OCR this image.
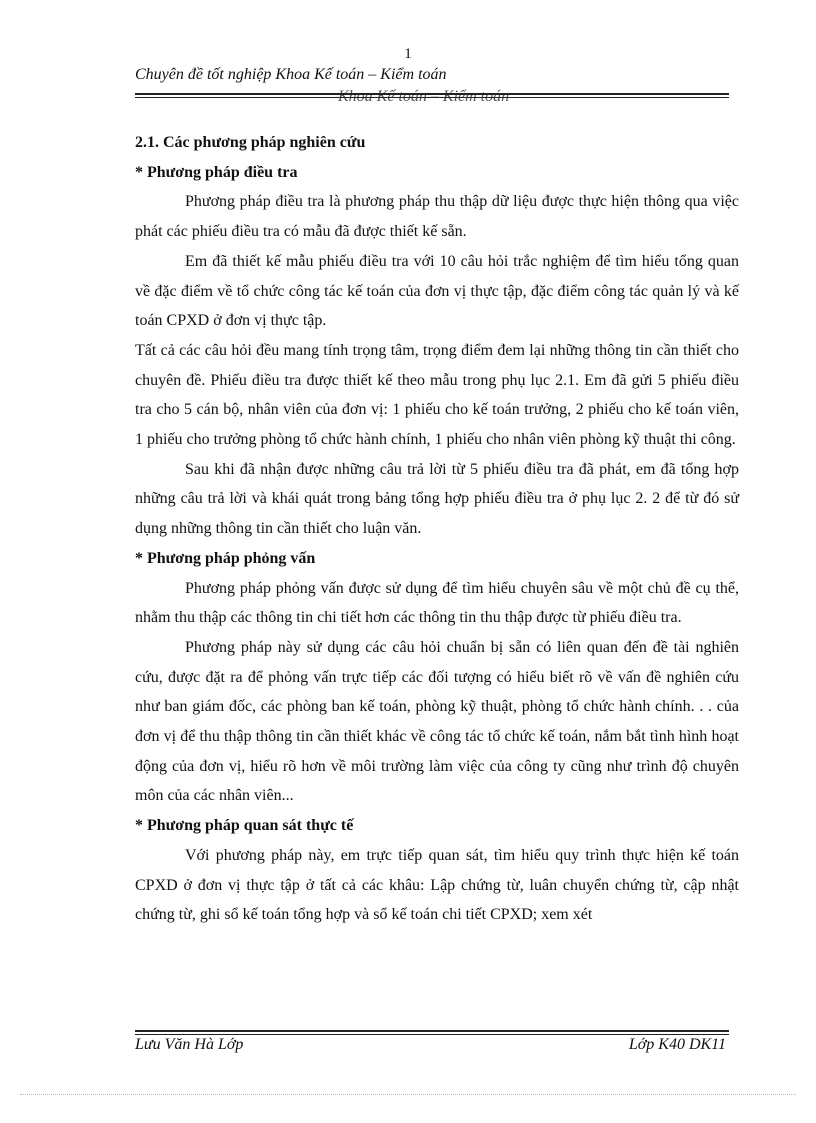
1
Chuyên đề tốt nghiệp Khoa Kế toán – Kiểm toán
Khoa Kế toán – Kiểm toán

2.1. Các phương pháp nghiên cứu

* Phương pháp điều tra

Phương pháp điều tra là phương pháp thu thập dữ liệu được thực hiện thông qua việc phát các phiếu điều tra có mẫu đã được thiết kế sẵn.

Em đã thiết kế mẫu phiếu điều tra với 10 câu hỏi trắc nghiệm để tìm hiểu tổng quan về đặc điểm về tổ chức công tác kế toán của đơn vị thực tập, đặc điểm công tác quản lý và kế toán CPXD ở đơn vị thực tập.

Tất cả các câu hỏi đều mang tính trọng tâm, trọng điểm đem lại những thông tin cần thiết cho chuyên đề. Phiếu điều tra được thiết kế theo mẫu trong phụ lục 2.1. Em đã gửi 5 phiếu điều tra cho 5 cán bộ, nhân viên của đơn vị: 1 phiếu cho kế toán trưởng, 2 phiếu cho kế toán viên, 1 phiếu cho trưởng phòng tổ chức hành chính, 1 phiếu cho nhân viên phòng kỹ thuật thi công.

Sau khi đã nhận được những câu trả lời từ 5 phiếu điều tra đã phát, em đã tổng hợp những câu trả lời và khái quát trong bảng tổng hợp phiếu điều tra ở phụ lục 2. 2 để từ đó sử dụng những thông tin cần thiết cho luận văn.

* Phương pháp phỏng vấn

Phương pháp phỏng vấn được sử dụng để tìm hiểu chuyên sâu về một chủ đề cụ thể, nhằm thu thập các thông tin chi tiết hơn các thông tin thu thập được từ phiếu điều tra.

Phương pháp này sử dụng các câu hỏi chuẩn bị sẵn có liên quan đến đề tài nghiên cứu, được đặt ra để phỏng vấn trực tiếp các đối tượng có hiểu biết rõ về vấn đề nghiên cứu như ban giám đốc, các phòng ban kế toán, phòng kỹ thuật, phòng tổ chức hành chính. . . của đơn vị để thu thập thông tin cần thiết khác về công tác tổ chức kế toán, nắm bắt tình hình hoạt động của đơn vị, hiểu rõ hơn về môi trường làm việc của công ty cũng như trình độ chuyên môn của các nhân viên...

* Phương pháp quan sát thực tế

Với phương pháp này, em trực tiếp quan sát, tìm hiểu quy trình thực hiện kế toán CPXD ở đơn vị thực tập ở tất cả các khâu: Lập chứng từ, luân chuyển chứng từ, cập nhật chứng từ, ghi sổ kế toán tổng hợp và sổ kế toán chi tiết CPXD; xem xét

Lưu Văn Hà Lớp	Lớp K40 DK11
